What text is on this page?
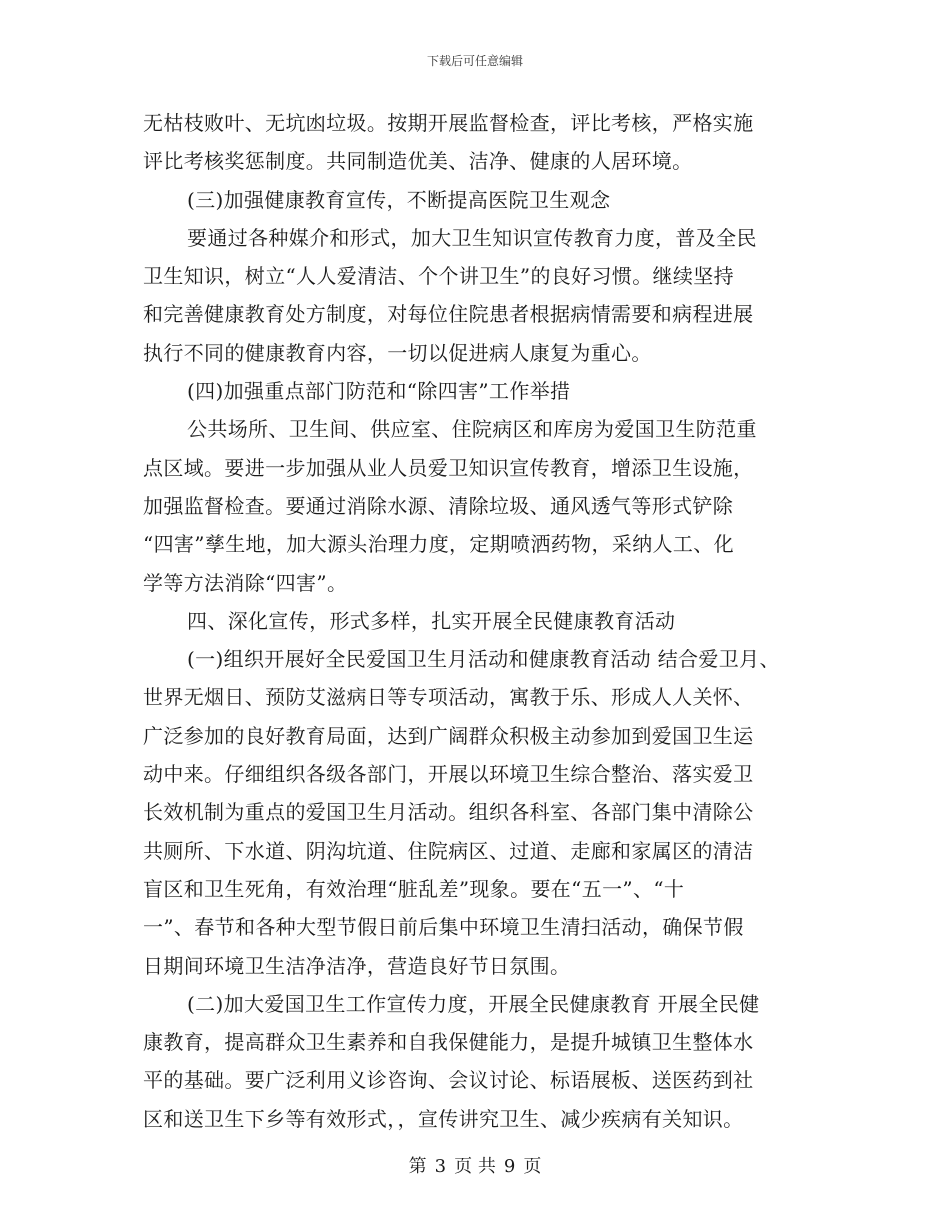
下载后可任意编辑
无枯枝败叶、无坑凼垃圾。按期开展监督检查，评比考核，严格实施
评比考核奖惩制度。共同制造优美、洁净、健康的人居环境。
(三)加强健康教育宣传，不断提高医院卫生观念
要通过各种媒介和形式，加大卫生知识宣传教育力度，普及全民
卫生知识，树立“人人爱清洁、个个讲卫生”的良好习惯。继续坚持
和完善健康教育处方制度，对每位住院患者根据病情需要和病程进展
执行不同的健康教育内容，一切以促进病人康复为重心。
(四)加强重点部门防范和“除四害”工作举措
公共场所、卫生间、供应室、住院病区和库房为爱国卫生防范重
点区域。要进一步加强从业人员爱卫知识宣传教育，增添卫生设施，
加强监督检查。要通过消除水源、清除垃圾、通风透气等形式铲除
“四害”孳生地，加大源头治理力度，定期喷洒药物，采纳人工、化
学等方法消除“四害”。
四、深化宣传，形式多样，扎实开展全民健康教育活动
(一)组织开展好全民爱国卫生月活动和健康教育活动 结合爱卫月、
世界无烟日、预防艾滋病日等专项活动，寓教于乐、形成人人关怀、
广泛参加的良好教育局面，达到广阔群众积极主动参加到爱国卫生运
动中来。仔细组织各级各部门，开展以环境卫生综合整治、落实爱卫
长效机制为重点的爱国卫生月活动。组织各科室、各部门集中清除公
共厕所、下水道、阴沟坑道、住院病区、过道、走廊和家属区的清洁
盲区和卫生死角，有效治理“脏乱差”现象。要在“五一”、“十
一”、春节和各种大型节假日前后集中环境卫生清扫活动，确保节假
日期间环境卫生洁净洁净，营造良好节日氛围。
(二)加大爱国卫生工作宣传力度，开展全民健康教育 开展全民健
康教育，提高群众卫生素养和自我保健能力，是提升城镇卫生整体水
平的基础。要广泛利用义诊咨询、会议讨论、标语展板、送医药到社
区和送卫生下乡等有效形式，，宣传讲究卫生、减少疾病有关知识。
第 3 页 共 9 页
